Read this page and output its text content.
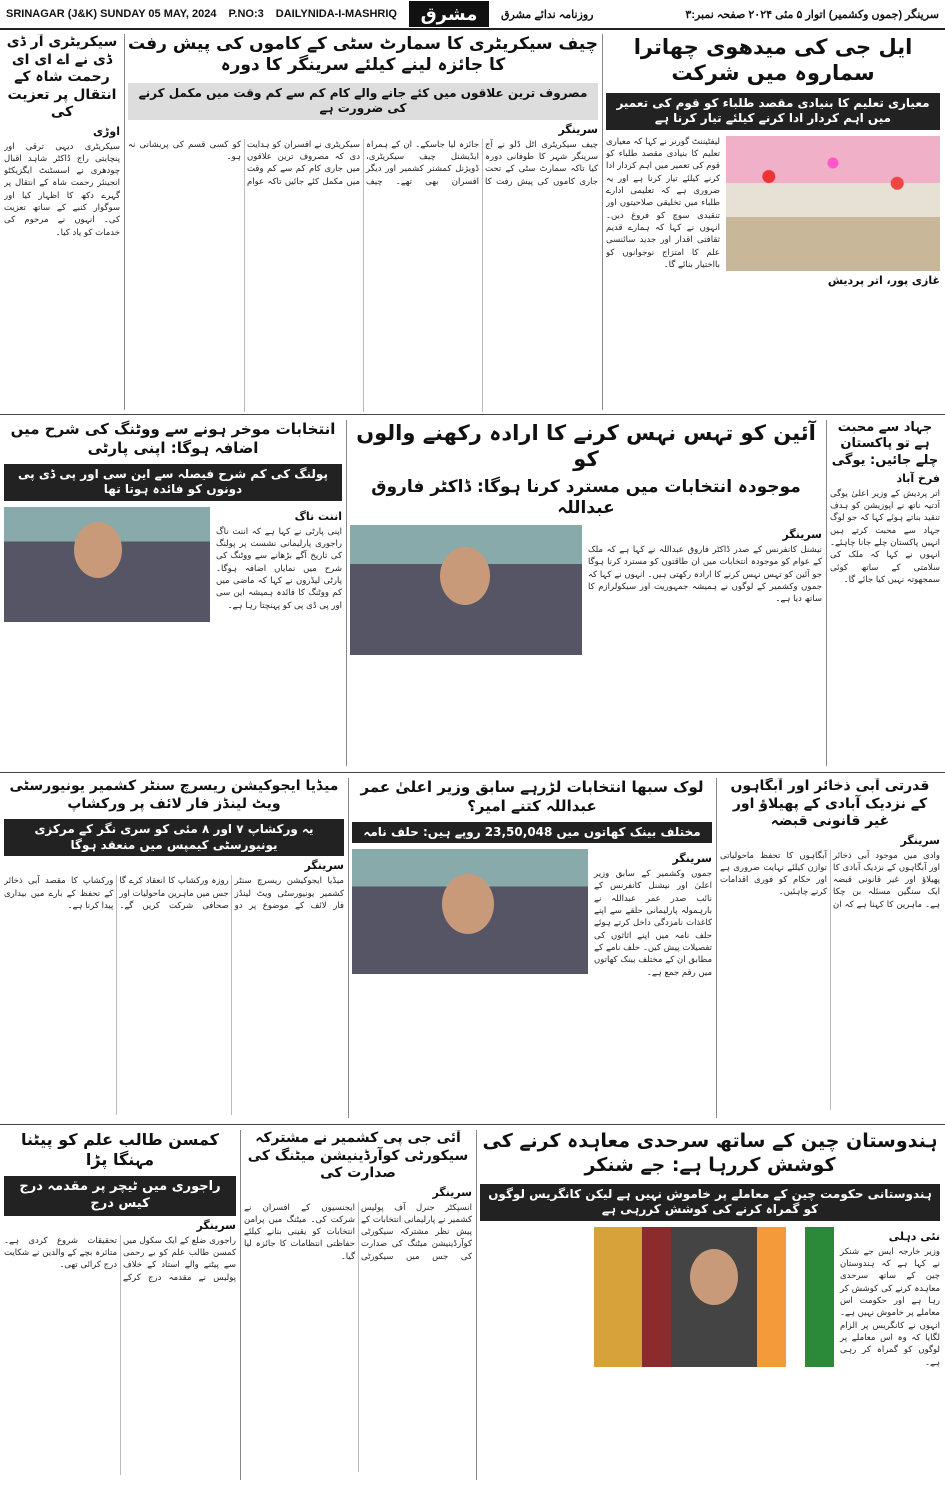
SRINAGAR (J&K) SUNDAY 05 MAY, 2024	P.NO:3	DAILYNIDA-I-MASHRIQ	مشرق	روزنامہ ندائے مشرق	سرینگر (جموں وکشمیر) اتوار ۵ مئی ۲۰۲۴ صفحہ نمبر:۳
ایل جی کی میدھوی چھاترا سماروہ میں شرکت
معیاری تعلیم کا بنیادی مقصد طلباء کو قوم کی تعمیر میں اہم کردار ادا کرنے کیلئے تیار کرنا ہے
غازی پور، اتر پردیش
لیفٹیننٹ گورنر نے کہا کہ معیاری تعلیم کا بنیادی مقصد طلباء کو قوم کی تعمیر میں اہم کردار ادا کرنے کیلئے تیار کرنا ہے اور یہ ضروری ہے کہ تعلیمی ادارے طلباء میں تخلیقی صلاحیتوں اور تنقیدی سوچ کو فروغ دیں۔ انہوں نے کہا کہ ہمارے قدیم ثقافتی اقدار اور جدید سائنسی علم کا امتزاج نوجوانوں کو بااختیار بنائے گا۔
چیف سیکریٹری کا سمارٹ سٹی کے کاموں کی پیش رفت کا جائزہ لینے کیلئے سرینگر کا دورہ
مصروف ترین علاقوں میں کئے جانے والے کام کم سے کم وقت میں مکمل کرنے کی ضرورت ہے
سرینگر
چیف سیکریٹری اٹل ڈلو نے آج سرینگر شہر کا طوفانی دورہ کیا تاکہ سمارٹ سٹی کے تحت جاری کاموں کی پیش رفت کا جائزہ لیا جاسکے۔ ان کے ہمراہ ایڈیشنل چیف سیکریٹری، ڈویژنل کمشنر کشمیر اور دیگر افسران بھی تھے۔ چیف سیکریٹری نے افسران کو ہدایت دی کہ مصروف ترین علاقوں میں جاری کام کم سے کم وقت میں مکمل کئے جائیں تاکہ عوام کو کسی قسم کی پریشانی نہ ہو۔
سیکریٹری آر ڈی ڈی نے اے ای ای رحمت شاہ کے انتقال پر تعزیت کی
اوڑی
سیکریٹری دیہی ترقی اور پنچایتی راج ڈاکٹر شاہد اقبال چودھری نے اسسٹنٹ ایگزیکٹو انجینئر رحمت شاہ کے انتقال پر گہرے دکھ کا اظہار کیا اور سوگوار کنبے کے ساتھ تعزیت کی۔ انہوں نے مرحوم کی خدمات کو یاد کیا۔
جہاد سے محبت ہے تو پاکستان چلے جائیں: یوگی
فرخ آباد
اتر پردیش کے وزیر اعلیٰ یوگی آدتیہ ناتھ نے اپوزیشن کو ہدف تنقید بناتے ہوئے کہا کہ جو لوگ جہاد سے محبت کرتے ہیں انہیں پاکستان چلے جانا چاہئے۔ انہوں نے کہا کہ ملک کی سلامتی کے ساتھ کوئی سمجھوتہ نہیں کیا جائے گا۔
آئین کو تہس نہس کرنے کا ارادہ رکھنے والوں کو
موجودہ انتخابات میں مسترد کرنا ہوگا: ڈاکٹر فاروق عبداللہ
سرینگر
نیشنل کانفرنس کے صدر ڈاکٹر فاروق عبداللہ نے کہا ہے کہ ملک کے عوام کو موجودہ انتخابات میں ان طاقتوں کو مسترد کرنا ہوگا جو آئین کو تہس نہس کرنے کا ارادہ رکھتی ہیں۔ انہوں نے کہا کہ جموں وکشمیر کے لوگوں نے ہمیشہ جمہوریت اور سیکولرازم کا ساتھ دیا ہے۔
انتخابات موخر ہونے سے ووٹنگ کی شرح میں اضافہ ہوگا: اپنی پارٹی
پولنگ کی کم شرح فیصلہ سے این سی اور پی ڈی پی دونوں کو فائدہ ہوتا تھا
اننت ناگ
اپنی پارٹی نے کہا ہے کہ اننت ناگ راجوری پارلیمانی نشست پر پولنگ کی تاریخ آگے بڑھانے سے ووٹنگ کی شرح میں نمایاں اضافہ ہوگا۔ پارٹی لیڈروں نے کہا کہ ماضی میں کم ووٹنگ کا فائدہ ہمیشہ این سی اور پی ڈی پی کو پہنچتا رہا ہے۔
قدرتی آبی ذخائر اور آبگاہوں کے نزدیک آبادی کے پھیلاؤ اور غیر قانونی قبضہ
سرینگر
وادی میں موجود آبی ذخائر اور آبگاہوں کے نزدیک آبادی کا پھیلاؤ اور غیر قانونی قبضہ ایک سنگین مسئلہ بن چکا ہے۔ ماہرین کا کہنا ہے کہ ان آبگاہوں کا تحفظ ماحولیاتی توازن کیلئے نہایت ضروری ہے اور حکام کو فوری اقدامات کرنے چاہئیں۔
لوک سبھا انتخابات لڑرہے سابق وزیر اعلیٰ عمر عبداللہ کتنے امیر؟
مختلف بینک کھاتوں میں 23,50,048 روپے ہیں: حلف نامہ
سرینگر
جموں وکشمیر کے سابق وزیر اعلیٰ اور نیشنل کانفرنس کے نائب صدر عمر عبداللہ نے بارہمولہ پارلیمانی حلقے سے اپنے کاغذات نامزدگی داخل کرتے ہوئے حلف نامہ میں اپنے اثاثوں کی تفصیلات پیش کیں۔ حلف نامے کے مطابق ان کے مختلف بینک کھاتوں میں رقم جمع ہے۔
میڈیا ایجوکیشن ریسرچ سنٹر کشمیر یونیورسٹی ویٹ لینڈز فار لائف پر ورکشاپ
یہ ورکشاپ ۷ اور ۸ مئی کو سری نگر کے مرکزی یونیورسٹی کیمپس میں منعقد ہوگا
سرینگر
میڈیا ایجوکیشن ریسرچ سنٹر کشمیر یونیورسٹی ویٹ لینڈز فار لائف کے موضوع پر دو روزہ ورکشاپ کا انعقاد کرے گا جس میں ماہرین ماحولیات اور صحافی شرکت کریں گے۔ ورکشاپ کا مقصد آبی ذخائر کے تحفظ کے بارے میں بیداری پیدا کرنا ہے۔
ہندوستان چین کے ساتھ سرحدی معاہدہ کرنے کی کوشش کررہا ہے: جے شنکر
ہندوستانی حکومت چین کے معاملے پر خاموش نہیں ہے لیکن کانگریس لوگوں کو گمراہ کرنے کی کوشش کررہی ہے
نئی دہلی
وزیر خارجہ ایس جے شنکر نے کہا ہے کہ ہندوستان چین کے ساتھ سرحدی معاہدہ کرنے کی کوشش کر رہا ہے اور حکومت اس معاملے پر خاموش نہیں ہے۔ انہوں نے کانگریس پر الزام لگایا کہ وہ اس معاملے پر لوگوں کو گمراہ کر رہی ہے۔
آئی جی پی کشمیر نے مشترکہ سیکورٹی کوآرڈینیشن میٹنگ کی صدارت کی
سرینگر
انسپکٹر جنرل آف پولیس کشمیر نے پارلیمانی انتخابات کے پیش نظر مشترکہ سیکورٹی کوآرڈینیشن میٹنگ کی صدارت کی جس میں سیکورٹی ایجنسیوں کے افسران نے شرکت کی۔ میٹنگ میں پرامن انتخابات کو یقینی بنانے کیلئے حفاظتی انتظامات کا جائزہ لیا گیا۔
کمسن طالب علم کو پیٹنا مہنگا پڑا
راجوری میں ٹیچر پر مقدمہ درج کیس درج
سرینگر
راجوری ضلع کے ایک سکول میں کمسن طالب علم کو بے رحمی سے پیٹنے والے استاد کے خلاف پولیس نے مقدمہ درج کرکے تحقیقات شروع کردی ہے۔ متاثرہ بچے کے والدین نے شکایت درج کرائی تھی۔
